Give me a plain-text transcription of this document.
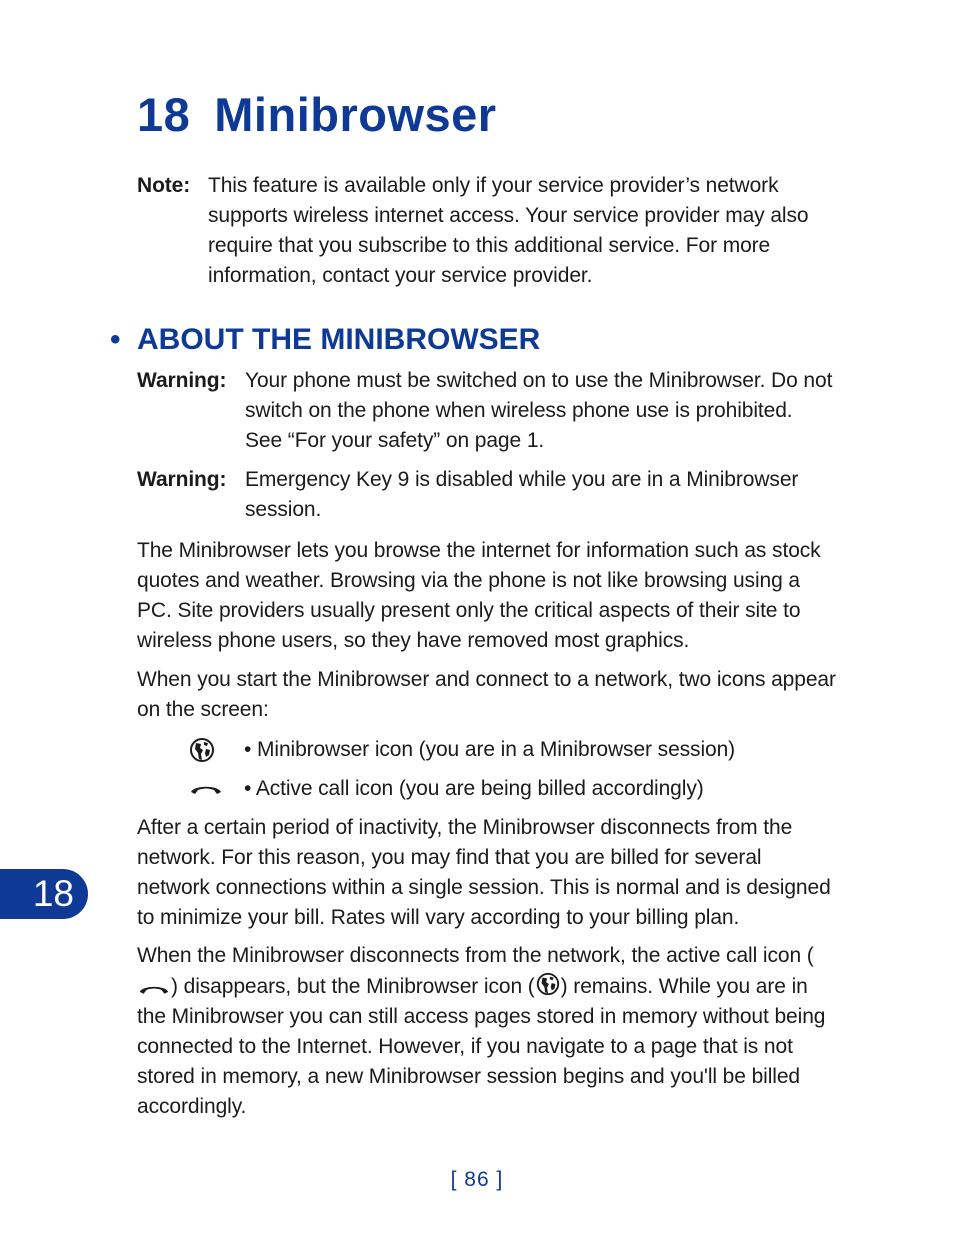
18 Minibrowser
Note: This feature is available only if your service provider’s network supports wireless internet access. Your service provider may also require that you subscribe to this additional service. For more information, contact your service provider.
• ABOUT THE MINIBROWSER
Warning: Your phone must be switched on to use the Minibrowser. Do not switch on the phone when wireless phone use is prohibited. See “For your safety” on page 1.
Warning: Emergency Key 9 is disabled while you are in a Minibrowser session.

The Minibrowser lets you browse the internet for information such as stock quotes and weather. Browsing via the phone is not like browsing using a PC. Site providers usually present only the critical aspects of their site to wireless phone users, so they have removed most graphics.

When you start the Minibrowser and connect to a network, two icons appear on the screen:

• Minibrowser icon (you are in a Minibrowser session)
• Active call icon (you are being billed accordingly)

After a certain period of inactivity, the Minibrowser disconnects from the network. For this reason, you may find that you are billed for several network connections within a single session. This is normal and is designed to minimize your bill. Rates will vary according to your billing plan.

When the Minibrowser disconnects from the network, the active call icon () disappears, but the Minibrowser icon ( ) remains. While you are in the Minibrowser you can still access pages stored in memory without being connected to the Internet. However, if you navigate to a page that is not stored in memory, a new Minibrowser session begins and you'll be billed accordingly.

18
[ 86 ]
